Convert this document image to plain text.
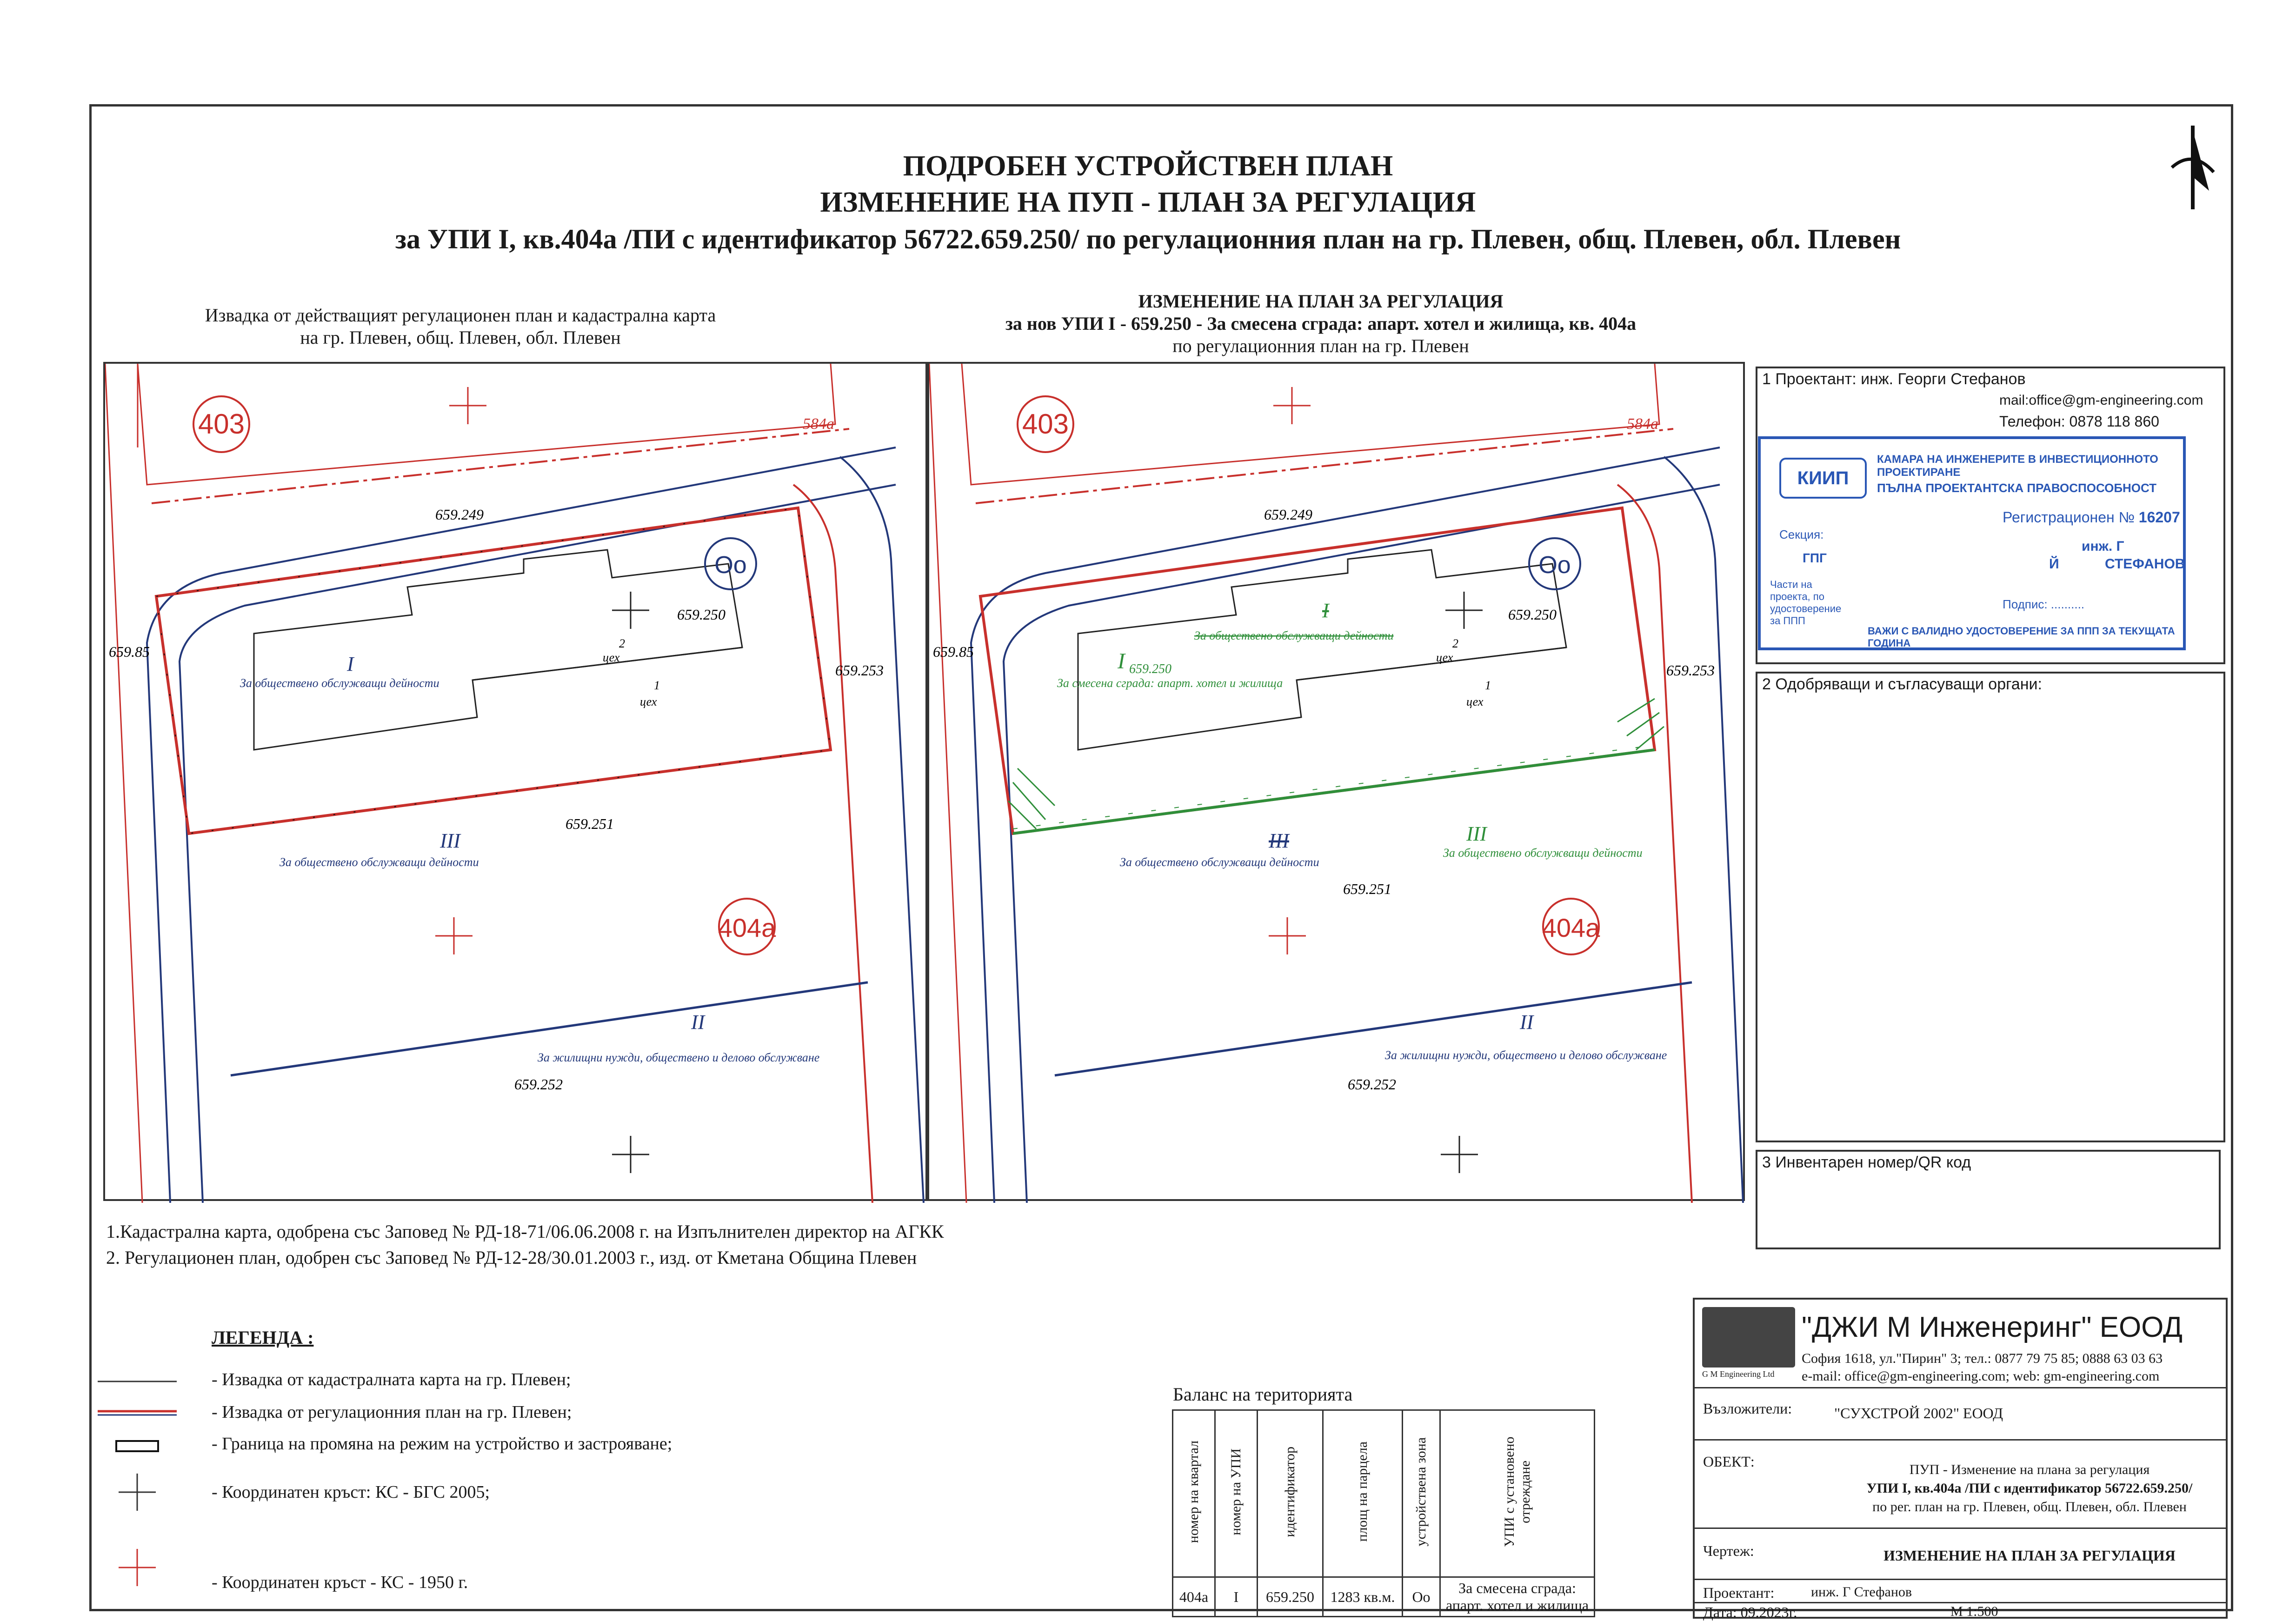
ПОДРОБЕН УСТРОЙСТВЕН ПЛАН
ИЗМЕНЕНИЕ НА ПУП - ПЛАН ЗА РЕГУЛАЦИЯ
за УПИ I, кв.404а /ПИ с идентификатор 56722.659.250/ по регулационния план на гр. Плевен, общ. Плевен, обл. Плевен
Извадка от действащият регулационен план и кадастрална карта
на гр. Плевен, общ. Плевен, обл. Плевен
ИЗМЕНЕНИЕ НА ПЛАН ЗА РЕГУЛАЦИЯ
за нов УПИ I - 659.250 - За смесена сграда: апарт. хотел и жилища, кв. 404а
по регулационния план на гр. Плевен
403
404a
Оо
584a
659.249
659.250
659.251
659.252
659.253
659.85
I
За обществено обслужващи дейности
III
За обществено обслужващи дейности
II
За жилищни нужди, обществено и делово обслужване
2
цех
1
цех
403
404a
Оо
584a
659.249
659.250
659.251
659.252
659.253
659.85	I 659.250
За смесена сграда: апарт. хотел и жилища
I
За обществено обслужващи дейности
2
цех
1
цех
III
За обществено обслужващи дейности
III
За обществено обслужващи дейности
II
За жилищни нужди, обществено и делово обслужване
1.Кадастрална карта, одобрена със Заповед № РД-18-71/06.06.2008 г. на Изпълнителен директор на АГКК
2. Регулационен план, одобрен със Заповед № РД-12-28/30.01.2003 г., изд. от Кметана Община Плевен
ЛЕГЕНДА :
- Извадка от кадастралната карта на гр. Плевен;
- Извадка от регулационния план на гр. Плевен;
- Граница на промяна на режим на устройство и застрояване;
- Координатен кръст: КС - БГС 2005;
- Координатен кръст - КС - 1950 г.
Баланс на територията
номер на квартал	номер на УПИ	идентификатор	площ на парцела	устройствена зона	УПИ с установено отреждане
404a	I	659.250	1283 кв.м.	Оо	За смесена сграда: апарт. хотел и жилища
1 Проектант: инж. Георги Стефанов
mail:office@gm-engineering.com
Телефон: 0878 118 860
КИИП
КАМАРА НА ИНЖЕНЕРИТЕ В ИНВЕСТИЦИОННОТО ПРОЕКТИРАНЕ
ПЪЛНА ПРОЕКТАНТСКА ПРАВОСПОСОБНОСТ
Регистрационен № 16207
Секция:
ГПГ
инж. Г
Й	СТЕФАНОВ
Части на проекта, по удостоверение за ППП
Подпис: ..........
ВАЖИ С ВАЛИДНО УДОСТОВЕРЕНИЕ ЗА ППП ЗА ТЕКУЩАТА ГОДИНА
2 Одобряващи и съгласуващи органи:
3 Инвентарен номер/QR код
G M Engineering Ltd
"ДЖИ М Инженеринг" ЕООД
София 1618, ул."Пирин" 3; тел.: 0877 79 75 85; 0888 63 03 63
e-mail: office@gm-engineering.com; web: gm-engineering.com
Възложители:	"СУХСТРОЙ 2002" ЕООД
ОБЕКТ:	ПУП - Изменение на плана за регулация
УПИ I, кв.404а /ПИ с идентификатор 56722.659.250/
по рег. план на гр. Плевен, общ. Плевен, обл. Плевен
Чертеж:	ИЗМЕНЕНИЕ НА ПЛАН ЗА РЕГУЛАЦИЯ
Проектант:	инж. Г Стефанов
Дата: 09.2023г.	М 1:500
